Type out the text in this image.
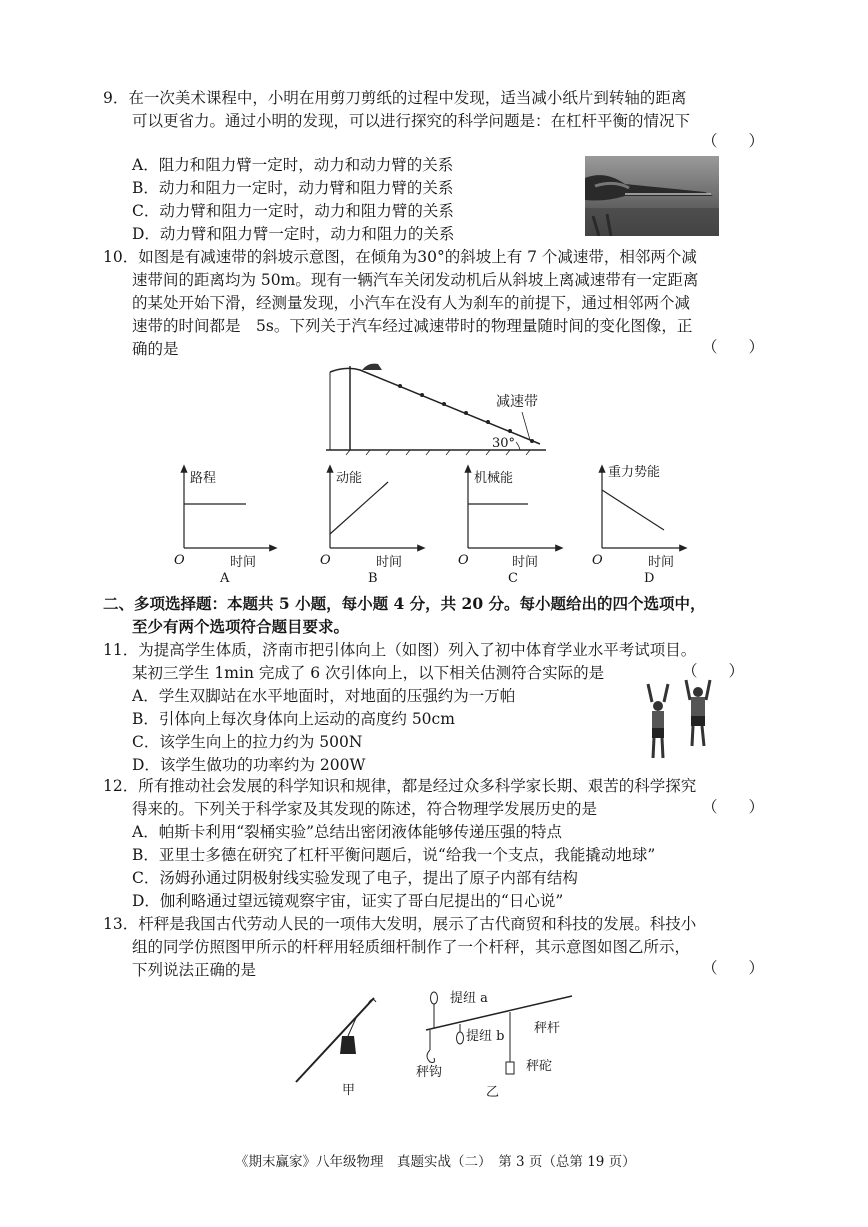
9．在一次美术课程中，小明在用剪刀剪纸的过程中发现，适当减小纸片到转轴的距离
可以更省力。通过小明的发现，可以进行探究的科学问题是：在杠杆平衡的情况下
（　　）
A．阻力和阻力臂一定时，动力和动力臂的关系
B．动力和阻力一定时，动力臂和阻力臂的关系
C．动力臂和阻力一定时，动力和阻力臂的关系
D．动力臂和阻力臂一定时，动力和阻力的关系
10．如图是有减速带的斜坡示意图，在倾角为30°的斜坡上有 7 个减速带，相邻两个减
速带间的距离均为 50m。现有一辆汽车关闭发动机后从斜坡上离减速带有一定距离
的某处开始下滑，经测量发现，小汽车在没有人为刹车的前提下，通过相邻两个减
速带的时间都是　5s。下列关于汽车经过减速带时的物理量随时间的变化图像，正
确的是	（　　）
减速带
30°
路程
O	时间
A
动能
O	时间
B
机械能
O	时间
C
重力势能
O	时间
D
二、多项选择题：本题共 5 小题，每小题 4 分，共 20 分。每小题给出的四个选项中，
至少有两个选项符合题目要求。
11．为提高学生体质，济南市把引体向上（如图）列入了初中体育学业水平考试项目。
某初三学生 1min 完成了 6 次引体向上，以下相关估测符合实际的是	（　　）
A．学生双脚站在水平地面时，对地面的压强约为一万帕
B．引体向上每次身体向上运动的高度约 50cm
C．该学生向上的拉力约为 500N
D．该学生做功的功率约为 200W
12．所有推动社会发展的科学知识和规律，都是经过众多科学家长期、艰苦的科学探究
得来的。下列关于科学家及其发现的陈述，符合物理学发展历史的是	（　　）
A．帕斯卡利用“裂桶实验”总结出密闭液体能够传递压强的特点
B．亚里士多德在研究了杠杆平衡问题后，说“给我一个支点，我能撬动地球”
C．汤姆孙通过阴极射线实验发现了电子，提出了原子内部有结构
D．伽利略通过望远镜观察宇宙，证实了哥白尼提出的“日心说”
13．杆秤是我国古代劳动人民的一项伟大发明，展示了古代商贸和科技的发展。科技小
组的同学仿照图甲所示的杆秤用轻质细杆制作了一个杆秤，其示意图如图乙所示，
下列说法正确的是	（　　）
甲
提纽 a
提纽 b
秤杆
秤钩	秤砣
乙
《期末赢家》八年级物理　真题实战（二）　第 3 页（总第 19 页）
